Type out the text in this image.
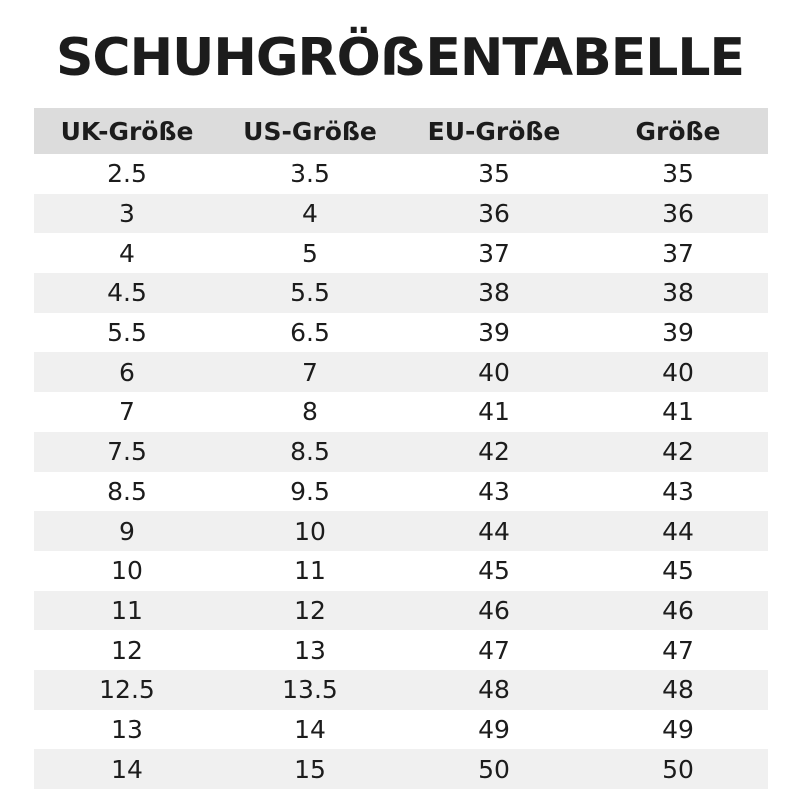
SCHUHGRÖẞENTABELLE
UK-Größe	US-Größe	EU-Größe	Größe
2.5	3.5	35	35
3	4	36	36
4	5	37	37
4.5	5.5	38	38
5.5	6.5	39	39
6	7	40	40
7	8	41	41
7.5	8.5	42	42
8.5	9.5	43	43
9	10	44	44
10	11	45	45
11	12	46	46
12	13	47	47
12.5	13.5	48	48
13	14	49	49
14	15	50	50
